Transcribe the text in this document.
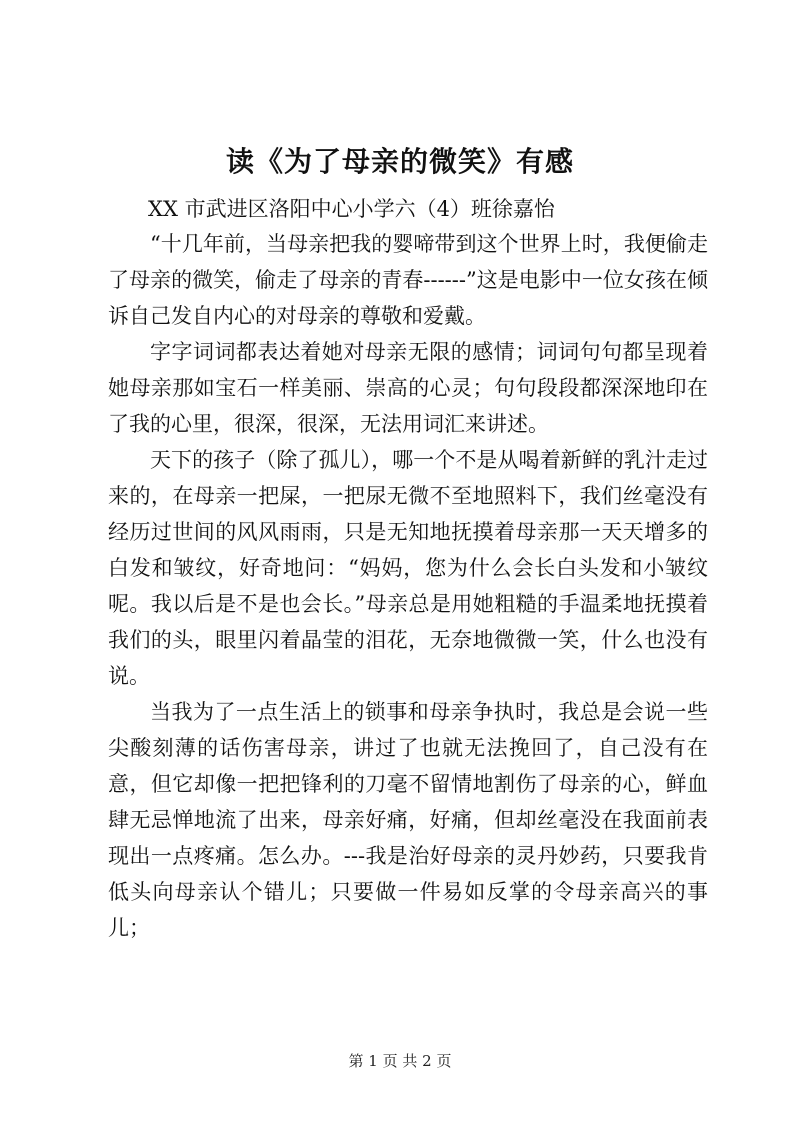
读《为了母亲的微笑》有感
XX 市武进区洛阳中心小学六（4）班徐嘉怡

“十几年前，当母亲把我的婴啼带到这个世界上时，我便偷走了母亲的微笑，偷走了母亲的青春------”这是电影中一位女孩在倾诉自己发自内心的对母亲的尊敬和爱戴。

字字词词都表达着她对母亲无限的感情；词词句句都呈现着她母亲那如宝石一样美丽、崇高的心灵；句句段段都深深地印在了我的心里，很深，很深，无法用词汇来讲述。

天下的孩子（除了孤儿），哪一个不是从喝着新鲜的乳汁走过来的，在母亲一把屎，一把尿无微不至地照料下，我们丝毫没有经历过世间的风风雨雨，只是无知地抚摸着母亲那一天天增多的白发和皱纹，好奇地问：“妈妈，您为什么会长白头发和小皱纹呢。我以后是不是也会长。”母亲总是用她粗糙的手温柔地抚摸着我们的头，眼里闪着晶莹的泪花，无奈地微微一笑，什么也没有说。

当我为了一点生活上的锁事和母亲争执时，我总是会说一些尖酸刻薄的话伤害母亲，讲过了也就无法挽回了，自己没有在意，但它却像一把把锋利的刀毫不留情地割伤了母亲的心，鲜血肆无忌惮地流了出来，母亲好痛，好痛，但却丝毫没在我面前表现出一点疼痛。怎么办。---我是治好母亲的灵丹妙药，只要我肯低头向母亲认个错儿；只要做一件易如反掌的令母亲高兴的事儿；

第 1 页 共 2 页
